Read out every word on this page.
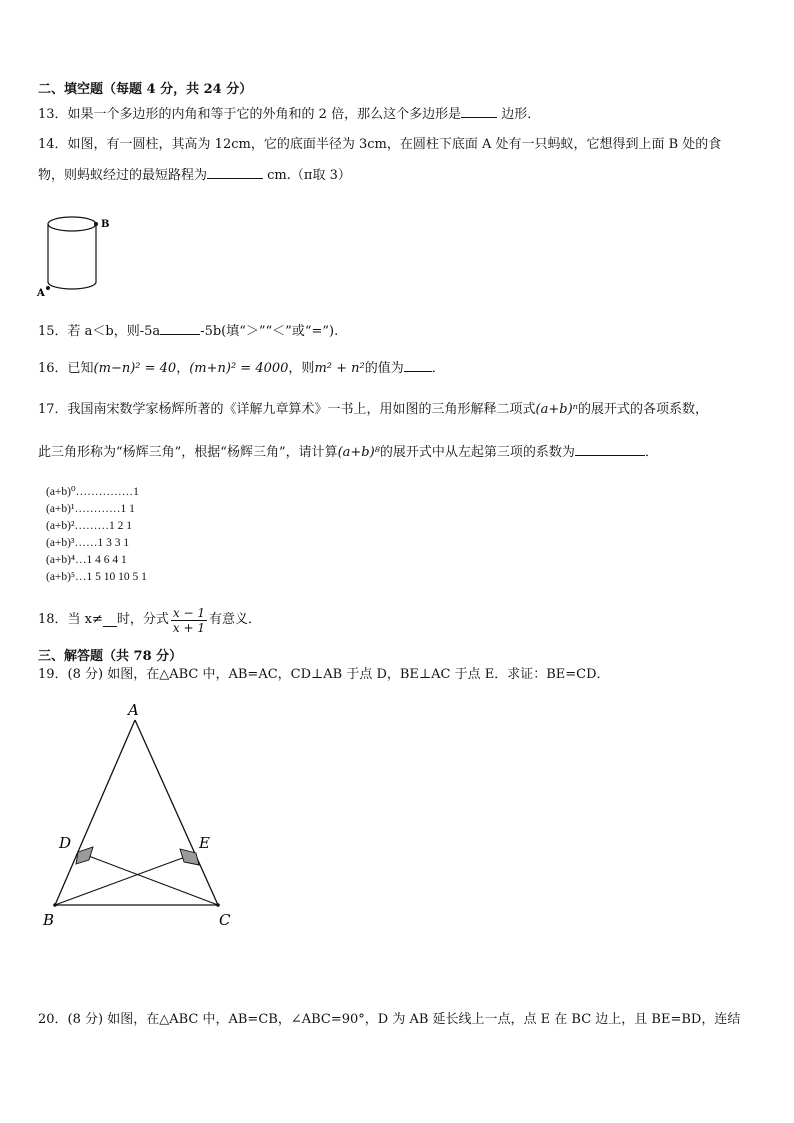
二、填空题（每题 4 分，共 24 分）
13．如果一个多边形的内角和等于它的外角和的 2 倍，那么这个多边形是	边形．
14．如图，有一圆柱，其高为 12cm，它的底面半径为 3cm，在圆柱下底面 A 处有一只蚂蚁，它想得到上面 B 处的食
物，则蚂蚁经过的最短路程为	cm.（π取 3）
B
A
15．若 a＜b，则-5a	-5b(填“＞”“＜”或“=”).
16．已知(m−n)² = 40，(m+n)² = 4000，则m² + n²的值为 ．
17．我国南宋数学家杨辉所著的《详解九章算术》一书上，用如图的三角形解释二项式(a+b)ⁿ的展开式的各项系数，
此三角形称为“杨辉三角”，根据“杨辉三角”，请计算(a+b)⁸的展开式中从左起第三项的系数为	．
(a+b)⁰……………1
(a+b)¹…………1 1
(a+b)²………1 2 1
(a+b)³……1 3 3 1
(a+b)⁴…1 4 6 4 1
(a+b)⁵…1 5 10 10 5 1
18．当 x≠ 时，分式 $\frac{x - 1}{x + 1}$ 有意义．
三、解答题（共 78 分）
19．(8 分) 如图，在△ABC 中，AB=AC，CD⊥AB 于点 D，BE⊥AC 于点 E．求证：BE=CD．
A
B	C
D	E
20．(8 分) 如图，在△ABC 中，AB=CB，∠ABC=90°，D 为 AB 延长线上一点，点 E 在 BC 边上，且 BE=BD，连结
